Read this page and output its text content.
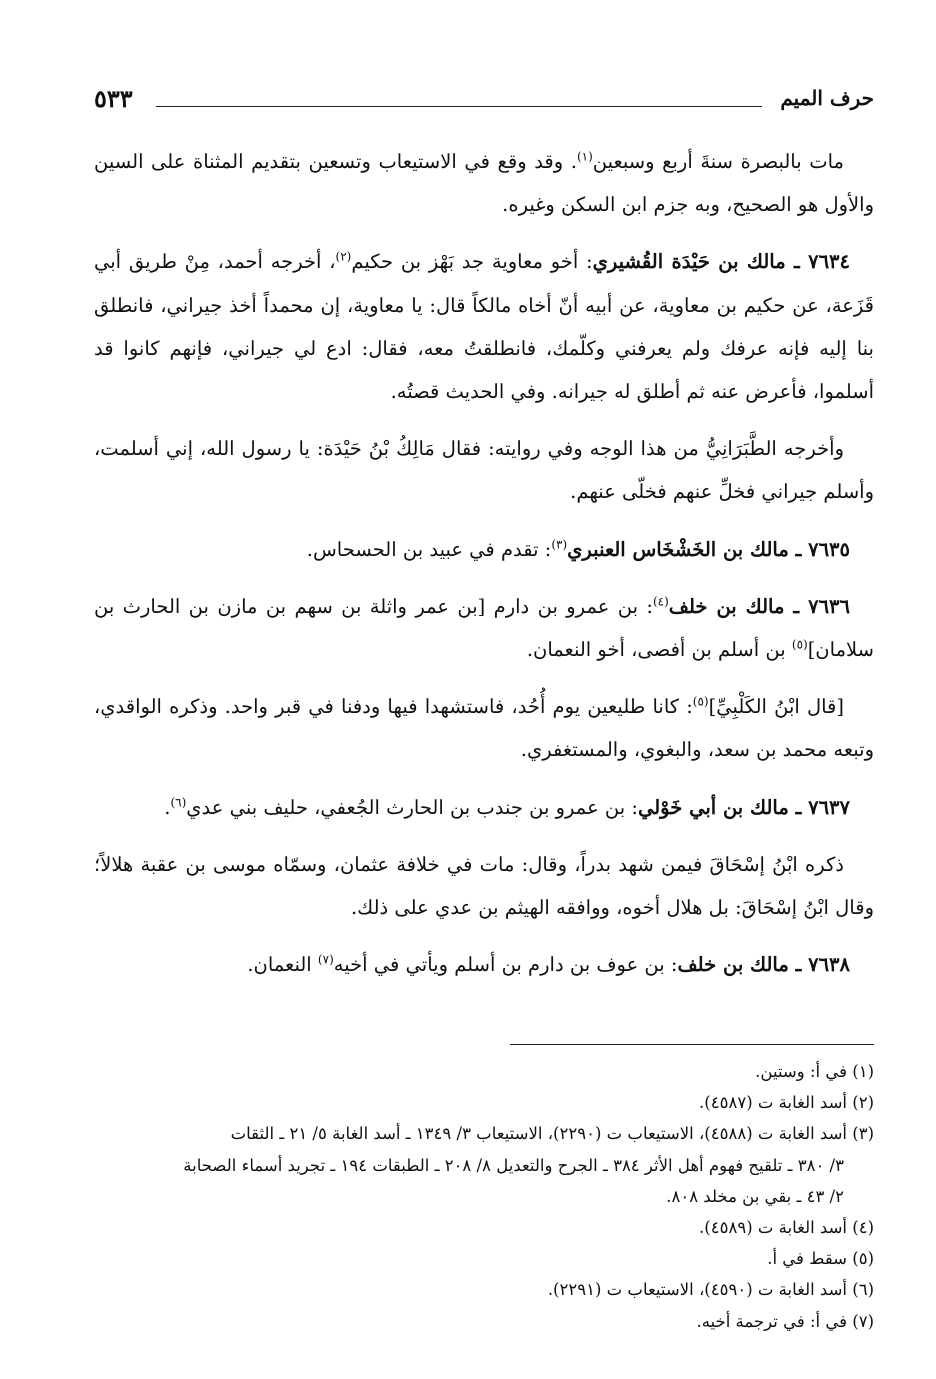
حرف الميم
٥٣٣

مات بالبصرة سنةَ أربع وسبعين$^{(١)}$. وقد وقع في الاستيعاب وتسعين بتقديم المثناة على السين والأول هو الصحيح، وبه جزم ابن السكن وغيره.

٧٦٣٤ ـ مالك بن حَيْدَة القُشيري: أخو معاوية جد بَهْز بن حكيم$^{(٢)}$، أخرجه أحمد، مِنْ طريق أبي قَزَعة، عن حكيم بن معاوية، عن أبيه أنّ أخاه مالكاً قال: يا معاوية، إن محمداً أخذ جيراني، فانطلق بنا إليه فإنه عرفك ولم يعرفني وكلّمك، فانطلقتُ معه، فقال: ادع لي جيراني، فإنهم كانوا قد أسلموا، فأعرض عنه ثم أطلق له جيرانه. وفي الحديث قصتُه.

وأخرجه الطَّبَرَانِيُّ من هذا الوجه وفي روايته: فقال مَالِكُ بْنُ حَيْدَة: يا رسول الله، إني أسلمت، وأسلم جيراني فخلِّ عنهم فخلّى عنهم.

٧٦٣٥ ـ مالك بن الخَشْخَاس العنبري$^{(٣)}$: تقدم في عبيد بن الحسحاس.

٧٦٣٦ ـ مالك بن خلف$^{(٤)}$: بن عمرو بن دارم [بن عمر واثلة بن سهم بن مازن بن الحارث بن سلامان]$^{(٥)}$ بن أسلم بن أفصى، أخو النعمان.

[قال ابْنُ الكَلْبِيِّ]$^{(٥)}$: كانا طليعين يوم أُحُد، فاستشهدا فيها ودفنا في قبر واحد. وذكره الواقدي، وتبعه محمد بن سعد، والبغوي، والمستغفري.

٧٦٣٧ ـ مالك بن أبي خَوْلي: بن عمرو بن جندب بن الحارث الجُعفي، حليف بني عدي$^{(٦)}$.

ذكره ابْنُ إسْحَاقَ فيمن شهد بدراً، وقال: مات في خلافة عثمان، وسمّاه موسى بن عقبة هلالاً؛ وقال ابْنُ إسْحَاقَ: بل هلال أخوه، ووافقه الهيثم بن عدي على ذلك.

٧٦٣٨ ـ مالك بن خلف: بن عوف بن دارم بن أسلم ويأتي في أخيه$^{(٧)}$ النعمان.

(١) في أ: وستين.

(٢) أسد الغابة ت (٤٥٨٧).

(٣) أسد الغابة ت (٤٥٨٨)، الاستيعاب ت (٢٢٩٠)، الاستيعاب ٣/ ١٣٤٩ ـ أسد الغابة ٥/ ٢١ ـ الثقات

٣/ ٣٨٠ ـ تلقيح فهوم أهل الأثر ٣٨٤ ـ الجرح والتعديل ٨/ ٢٠٨ ـ الطبقات ١٩٤ ـ تجريد أسماء الصحابة

٢/ ٤٣ ـ بقي بن مخلد ٨٠٨.

(٤) أسد الغابة ت (٤٥٨٩).

(٥) سقط في أ.

(٦) أسد الغابة ت (٤٥٩٠)، الاستيعاب ت (٢٢٩١).

(٧) في أ: في ترجمة أخيه.
